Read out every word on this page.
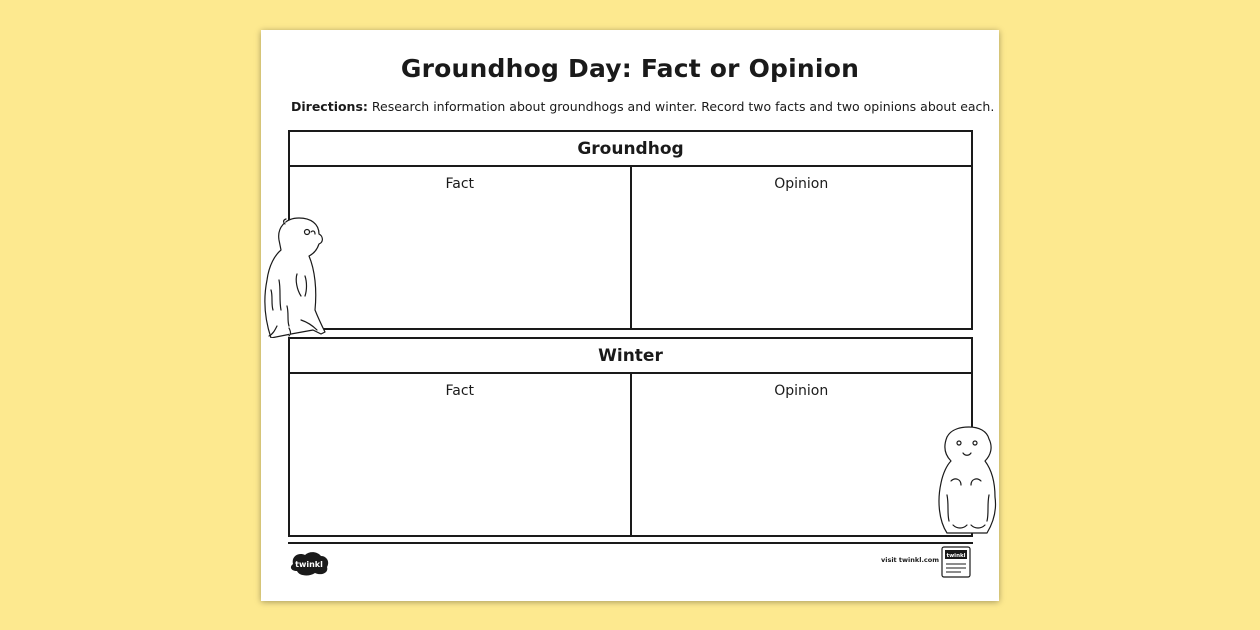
Groundhog Day: Fact or Opinion
Directions: Research information about groundhogs and winter. Record two facts and two opinions about each.
Groundhog
Fact	Opinion
Winter
Fact	Opinion
twinkl	visit twinkl.com twinkl
